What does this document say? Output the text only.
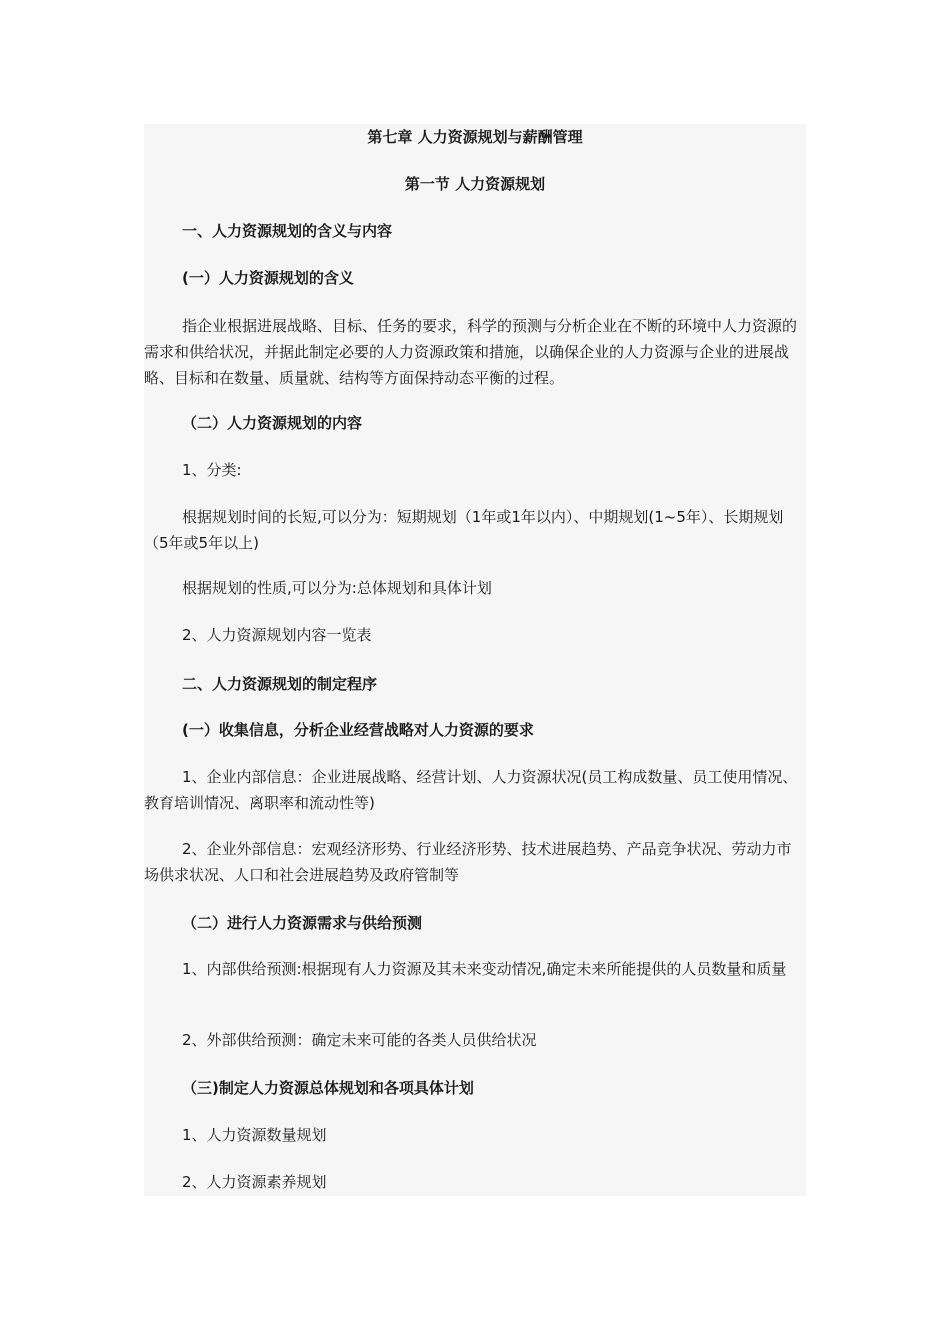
第七章 人力资源规划与薪酬管理

第一节 人力资源规划

一、人力资源规划的含义与内容

(一）人力资源规划的含义

指企业根据进展战略、目标、任务的要求，科学的预测与分析企业在不断的环境中人力资源的需求和供给状况，并据此制定必要的人力资源政策和措施，以确保企业的人力资源与企业的进展战略、目标和在数量、质量就、结构等方面保持动态平衡的过程。

（二）人力资源规划的内容

1、分类:

根据规划时间的长短,可以分为：短期规划（1年或1年以内）、中期规划(1~5年）、长期规划（5年或5年以上)

根据规划的性质,可以分为:总体规划和具体计划

2、人力资源规划内容一览表

二、人力资源规划的制定程序

(一）收集信息，分析企业经营战略对人力资源的要求

1、企业内部信息：企业进展战略、经营计划、人力资源状况(员工构成数量、员工使用情况、教育培训情况、离职率和流动性等)

2、企业外部信息：宏观经济形势、行业经济形势、技术进展趋势、产品竞争状况、劳动力市场供求状况、人口和社会进展趋势及政府管制等

（二）进行人力资源需求与供给预测

1、内部供给预测:根据现有人力资源及其未来变动情况,确定未来所能提供的人员数量和质量

2、外部供给预测：确定未来可能的各类人员供给状况

（三)制定人力资源总体规划和各项具体计划

1、人力资源数量规划

2、人力资源素养规划
